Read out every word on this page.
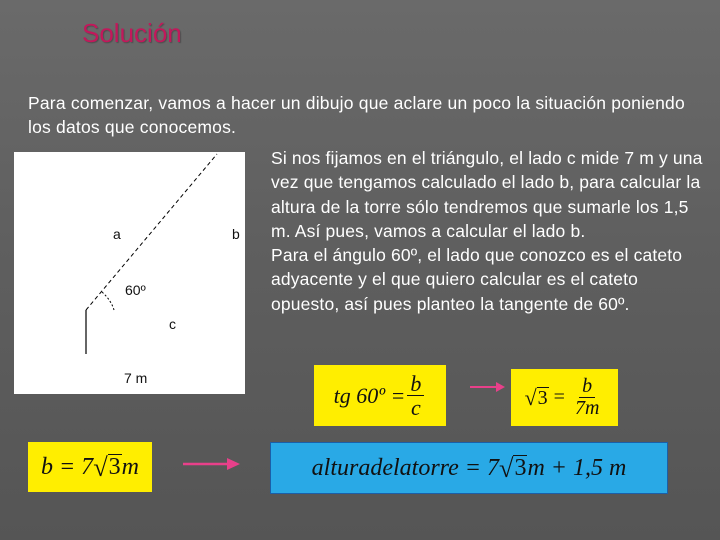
Solución
Para comenzar, vamos a hacer un dibujo que aclare un poco la situación poniendo los datos que conocemos.
a	b
c
60º
7 m
1,5 m

Si nos fijamos en el triángulo, el lado c mide 7 m y una vez que tengamos calculado el lado b, para calcular la altura de la torre sólo tendremos que sumarle los 1,5 m. Así pues, vamos a calcular el lado b.

Para el ángulo 60º, el lado que conozco es el cateto adyacente y el que quiero calcular es el cateto opuesto, así pues planteo la tangente de 60º.

tg 60º = $\frac{b}{c}$	√ $3 = \frac{b}{7m}$
b = 7 √ 3 m	alturadelatorre = 7 √ 3 m + 1,5 m
